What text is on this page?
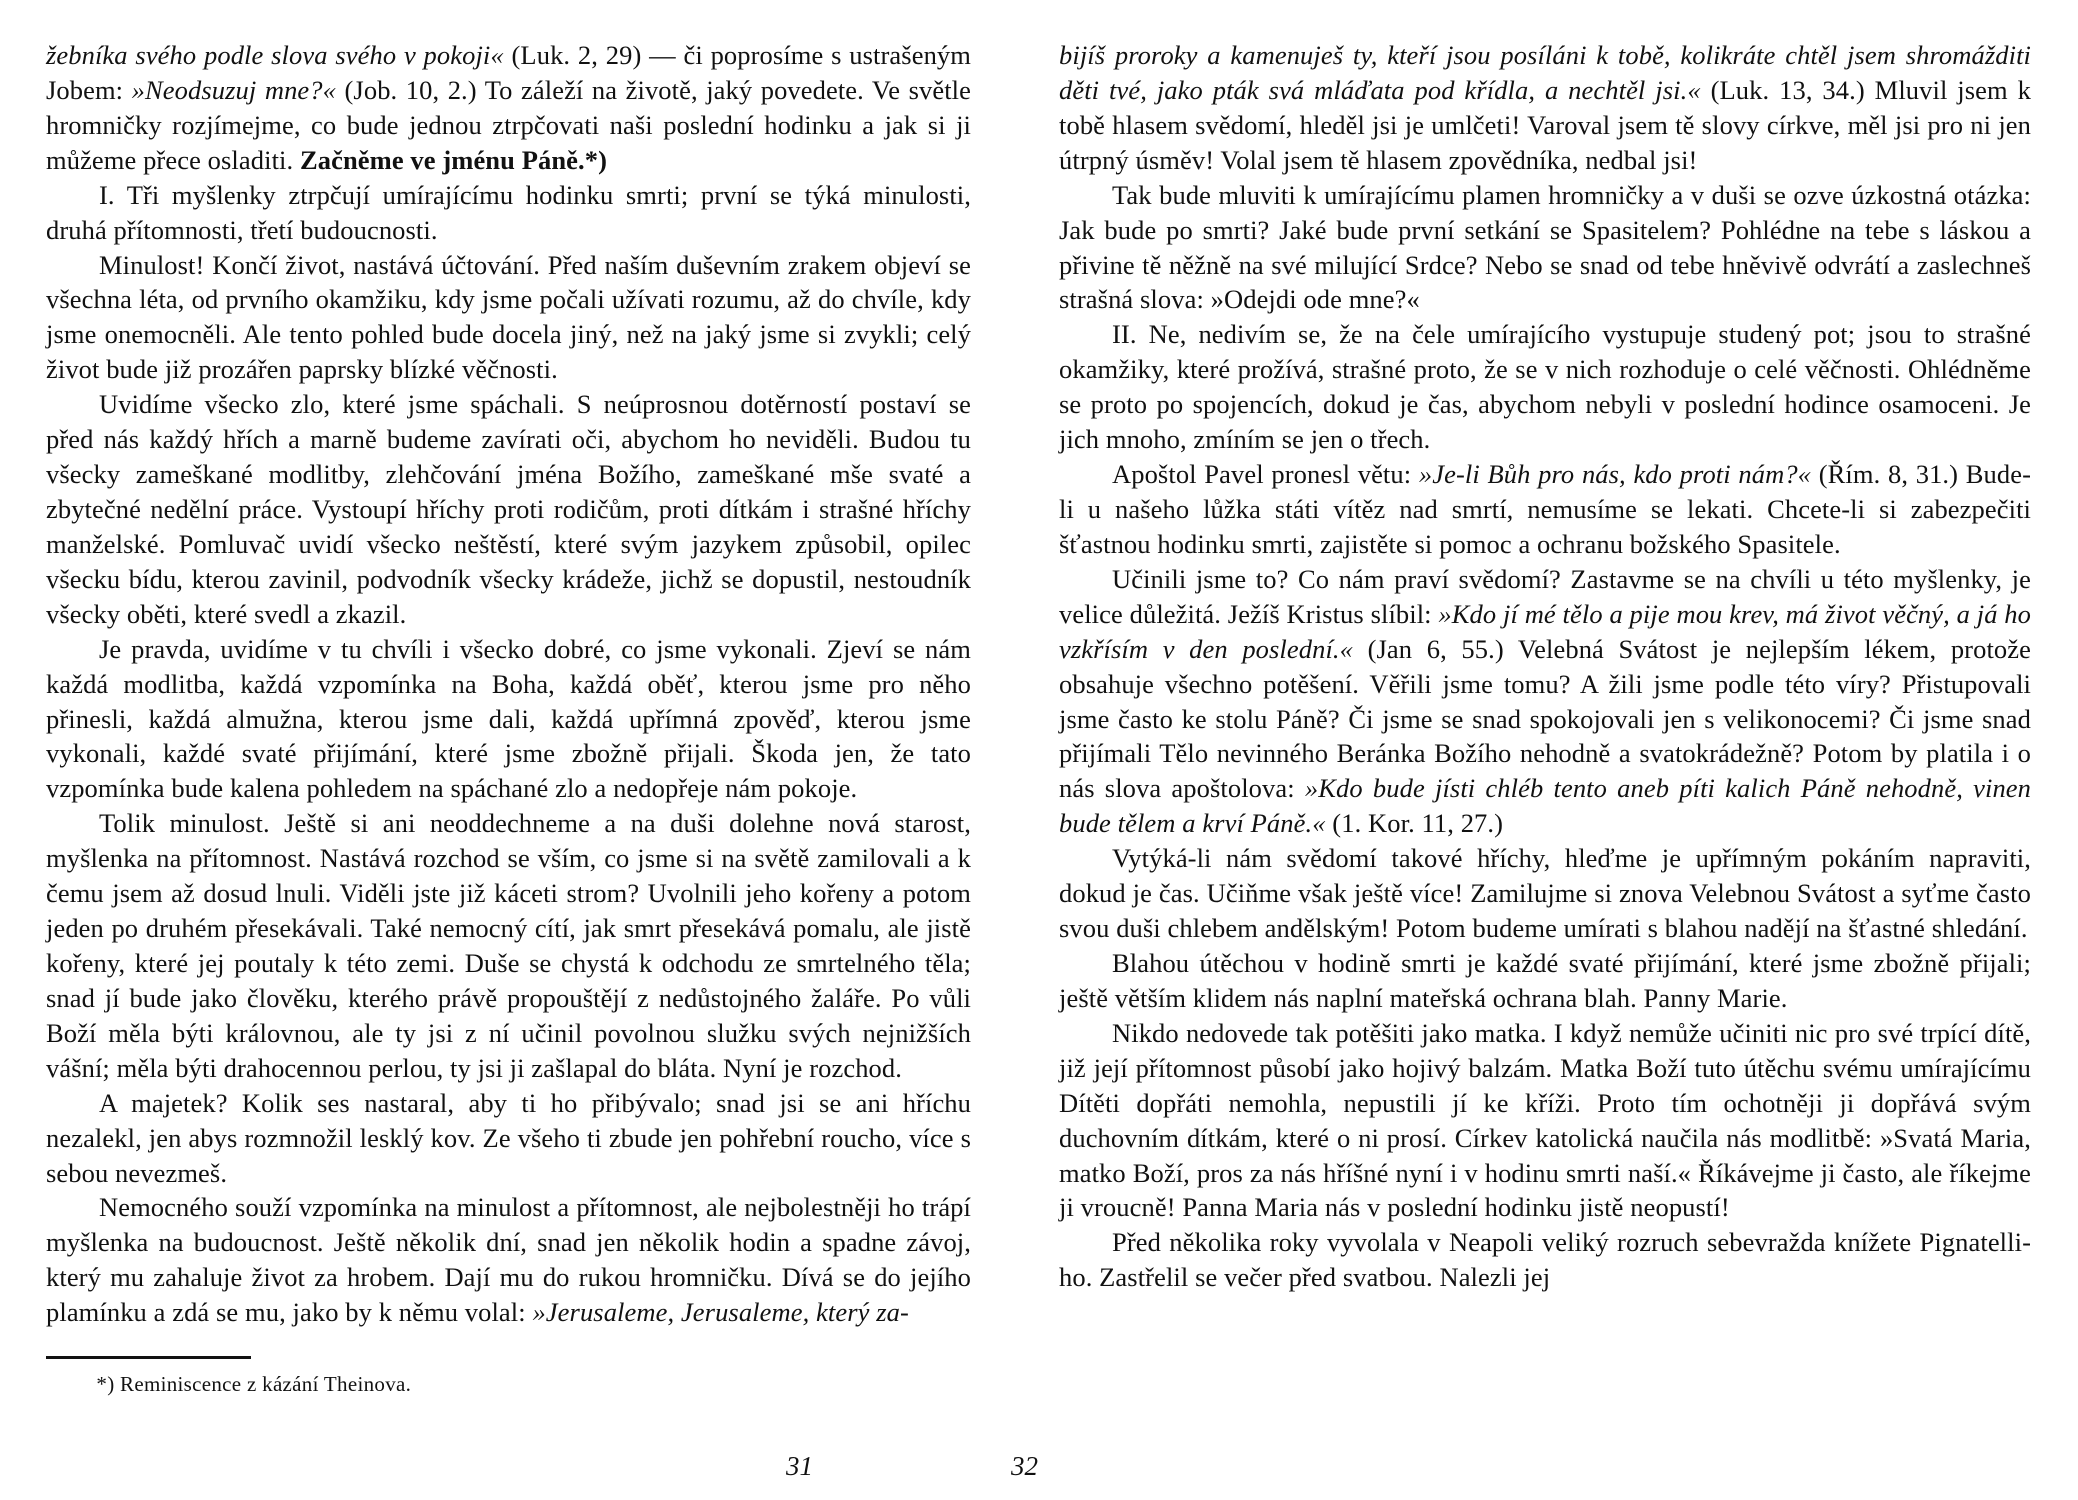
žebníka svého podle slova svého v pokoji« (Luk. 2, 29) — či poprosíme s ustrašeným Jobem: »Neodsuzuj mne?« (Job. 10, 2.) To záleží na životě, jaký povedete. Ve světle hromničky rozjímejme, co bude jednou ztrpčovati naši poslední hodinku a jak si ji můžeme přece osladiti. Začněme ve jménu Páně.*)

I. Tři myšlenky ztrpčují umírajícímu hodinku smrti; první se týká minulosti, druhá přítomnosti, třetí budoucnosti.

Minulost! Končí život, nastává účtování. Před naším duševním zrakem objeví se všechna léta, od prvního okamžiku, kdy jsme počali užívati rozumu, až do chvíle, kdy jsme onemocněli. Ale tento pohled bude docela jiný, než na jaký jsme si zvykli; celý život bude již prozářen paprsky blízké věčnosti.

Uvidíme všecko zlo, které jsme spáchali. S neúprosnou dotěrností postaví se před nás každý hřích a marně budeme zavírati oči, abychom ho neviděli. Budou tu všecky zameškané modlitby, zlehčování jména Božího, zameškané mše svaté a zbytečné nedělní práce. Vystoupí hříchy proti rodičům, proti dítkám i strašné hříchy manželské. Pomluvač uvidí všecko neštěstí, které svým jazykem způsobil, opilec všecku bídu, kterou zavinil, podvodník všecky krádeže, jichž se dopustil, nestoudník všecky oběti, které svedl a zkazil.

Je pravda, uvidíme v tu chvíli i všecko dobré, co jsme vykonali. Zjeví se nám každá modlitba, každá vzpomínka na Boha, každá oběť, kterou jsme pro něho přinesli, každá almužna, kterou jsme dali, každá upřímná zpověď, kterou jsme vykonali, každé svaté přijímání, které jsme zbožně přijali. Škoda jen, že tato vzpomínka bude kalena pohledem na spáchané zlo a nedopřeje nám pokoje.

Tolik minulost. Ještě si ani neoddechneme a na duši dolehne nová starost, myšlenka na přítomnost. Nastává rozchod se vším, co jsme si na světě zamilovali a k čemu jsem až dosud lnuli. Viděli jste již káceti strom? Uvolnili jeho kořeny a potom jeden po druhém přesekávali. Také nemocný cítí, jak smrt přesekává pomalu, ale jistě kořeny, které jej poutaly k této zemi. Duše se chystá k odchodu ze smrtelného těla; snad jí bude jako člověku, kterého právě propouštějí z nedůstojného žaláře. Po vůli Boží měla býti královnou, ale ty jsi z ní učinil povolnou služku svých nejnižších vášní; měla býti drahocennou perlou, ty jsi ji zašlapal do bláta. Nyní je rozchod.

A majetek? Kolik ses nastaral, aby ti ho přibývalo; snad jsi se ani hříchu nezalekl, jen abys rozmnožil lesklý kov. Ze všeho ti zbude jen pohřební roucho, více s sebou nevezmeš.

Nemocného souží vzpomínka na minulost a přítomnost, ale nejbolestněji ho trápí myšlenka na budoucnost. Ještě několik dní, snad jen několik hodin a spadne závoj, který mu zahaluje život za hrobem. Dají mu do rukou hromničku. Dívá se do jejího plamínku a zdá se mu, jako by k němu volal: »Jerusaleme, Jerusaleme, který za-

*) Reminiscence z kázání Theinova.

31

bijíš proroky a kamenuješ ty, kteří jsou posíláni k tobě, kolikráte chtěl jsem shromážditi děti tvé, jako pták svá mláďata pod křídla, a nechtěl jsi.« (Luk. 13, 34.) Mluvil jsem k tobě hlasem svědomí, hleděl jsi je umlčeti! Varoval jsem tě slovy církve, měl jsi pro ni jen útrpný úsměv! Volal jsem tě hlasem zpovědníka, nedbal jsi!

Tak bude mluviti k umírajícímu plamen hromničky a v duši se ozve úzkostná otázka: Jak bude po smrti? Jaké bude první setkání se Spasitelem? Pohlédne na tebe s láskou a přivine tě něžně na své milující Srdce? Nebo se snad od tebe hněvivě odvrátí a zaslechneš strašná slova: »Odejdi ode mne?«

II. Ne, nedivím se, že na čele umírajícího vystupuje studený pot; jsou to strašné okamžiky, které prožívá, strašné proto, že se v nich rozhoduje o celé věčnosti. Ohlédněme se proto po spojencích, dokud je čas, abychom nebyli v poslední hodince osamoceni. Je jich mnoho, zmíním se jen o třech.

Apoštol Pavel pronesl větu: »Je-li Bůh pro nás, kdo proti nám?« (Řím. 8, 31.) Bude-li u našeho lůžka státi vítěz nad smrtí, nemusíme se lekati. Chcete-li si zabezpečiti šťastnou hodinku smrti, zajistěte si pomoc a ochranu božského Spasitele.

Učinili jsme to? Co nám praví svědomí? Zastavme se na chvíli u této myšlenky, je velice důležitá. Ježíš Kristus slíbil: »Kdo jí mé tělo a pije mou krev, má život věčný, a já ho vzkřísím v den poslední.« (Jan 6, 55.) Velebná Svátost je nejlepším lékem, protože obsahuje všechno potěšení. Věřili jsme tomu? A žili jsme podle této víry? Přistupovali jsme často ke stolu Páně? Či jsme se snad spokojovali jen s velikonocemi? Či jsme snad přijímali Tělo nevinného Beránka Božího nehodně a svatokrádežně? Potom by platila i o nás slova apoštolova: »Kdo bude jísti chléb tento aneb píti kalich Páně nehodně, vinen bude tělem a krví Páně.« (1. Kor. 11, 27.)

Vytýká-li nám svědomí takové hříchy, hleďme je upřímným pokáním napraviti, dokud je čas. Učiňme však ještě více! Zamilujme si znova Velebnou Svátost a syťme často svou duši chlebem andělským! Potom budeme umírati s blahou nadějí na šťastné shledání.

Blahou útěchou v hodině smrti je každé svaté přijímání, které jsme zbožně přijali; ještě větším klidem nás naplní mateřská ochrana blah. Panny Marie.

Nikdo nedovede tak potěšiti jako matka. I když nemůže učiniti nic pro své trpící dítě, již její přítomnost působí jako hojivý balzám. Matka Boží tuto útěchu svému umírajícímu Dítěti dopřáti nemohla, nepustili jí ke kříži. Proto tím ochotněji ji dopřává svým duchovním dítkám, které o ni prosí. Církev katolická naučila nás modlitbě: »Svatá Maria, matko Boží, pros za nás hříšné nyní i v hodinu smrti naší.« Říkávejme ji často, ale říkejme ji vroucně! Panna Maria nás v poslední hodinku jistě neopustí!

Před několika roky vyvolala v Neapoli veliký rozruch sebevražda knížete Pignatelli-ho. Zastřelil se večer před svatbou. Nalezli jej

32
